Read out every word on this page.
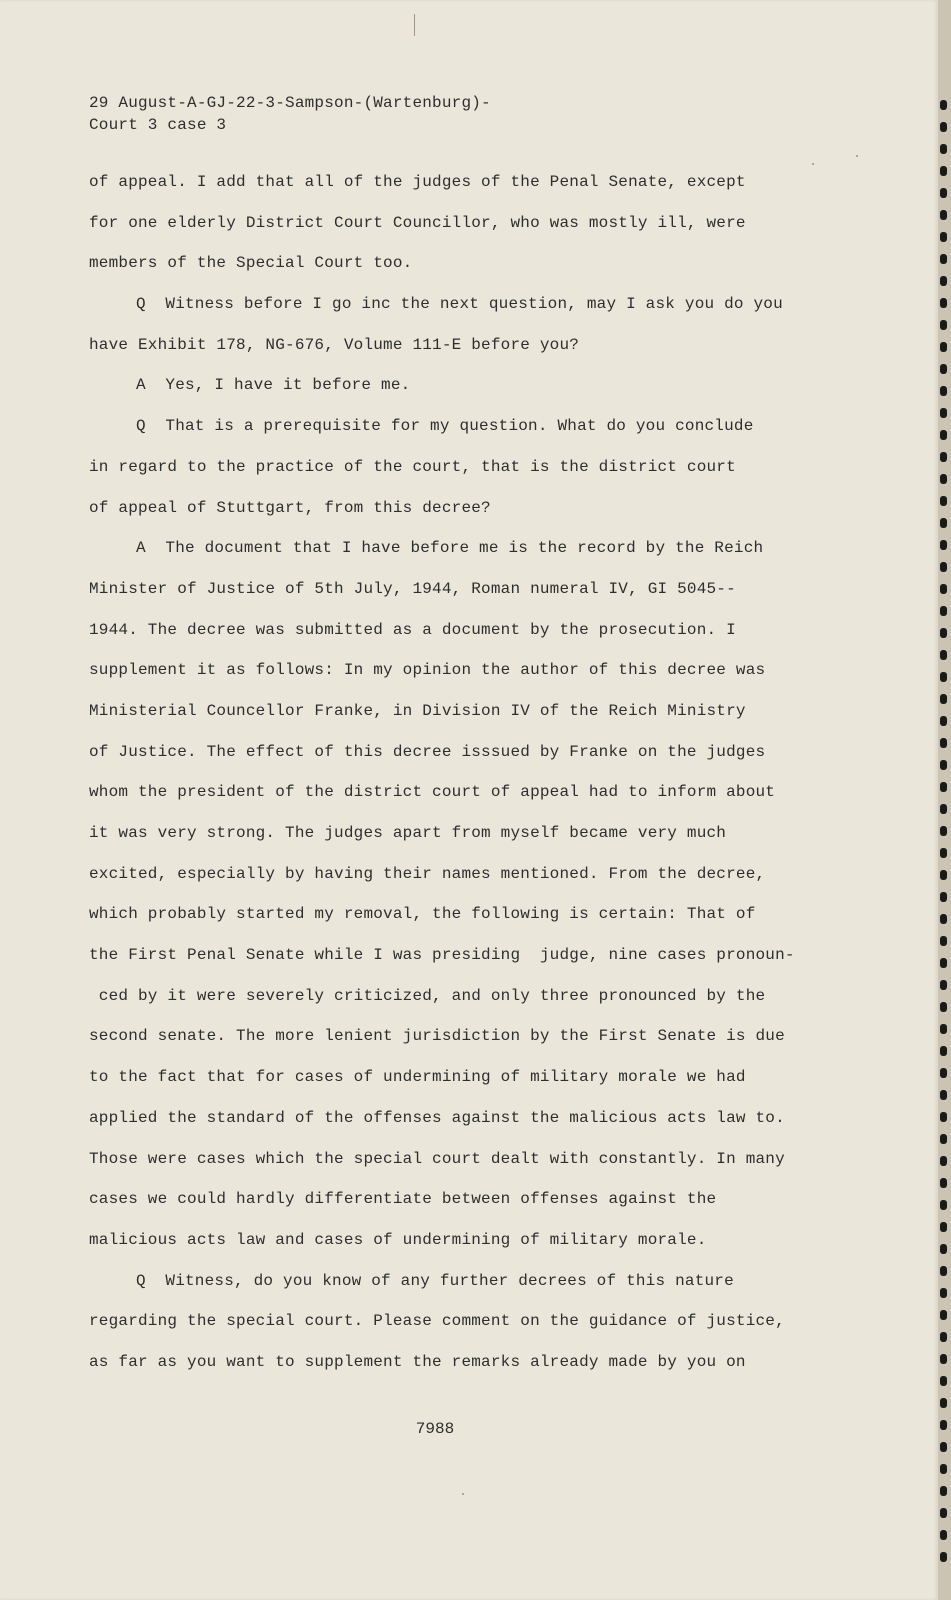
29 August-A-GJ-22-3-Sampson-(Wartenburg)-
Court 3 case 3
of appeal. I add that all of the judges of the Penal Senate, except
for one elderly District Court Councillor, who was mostly ill, were
members of the Special Court too.
Q  Witness before I go inc the next question, may I ask you do you
have Exhibit 178, NG-676, Volume 111-E before you?
A  Yes, I have it before me.
Q  That is a prerequisite for my question. What do you conclude
in regard to the practice of the court, that is the district court
of appeal of Stuttgart, from this decree?
A  The document that I have before me is the record by the Reich
Minister of Justice of 5th July, 1944, Roman numeral IV, GI 5045--
1944. The decree was submitted as a document by the prosecution. I
supplement it as follows: In my opinion the author of this decree was
Ministerial Councellor Franke, in Division IV of the Reich Ministry
of Justice. The effect of this decree isssued by Franke on the judges
whom the president of the district court of appeal had to inform about
it was very strong. The judges apart from myself became very much
excited, especially by having their names mentioned. From the decree,
which probably started my removal, the following is certain: That of
the First Penal Senate while I was presiding  judge, nine cases pronoun-
ced by it were severely criticized, and only three pronounced by the
second senate. The more lenient jurisdiction by the First Senate is due
to the fact that for cases of undermining of military morale we had
applied the standard of the offenses against the malicious acts law to.
Those were cases which the special court dealt with constantly. In many
cases we could hardly differentiate between offenses against the
malicious acts law and cases of undermining of military morale.
Q  Witness, do you know of any further decrees of this nature
regarding the special court. Please comment on the guidance of justice,
as far as you want to supplement the remarks already made by you on
7988
